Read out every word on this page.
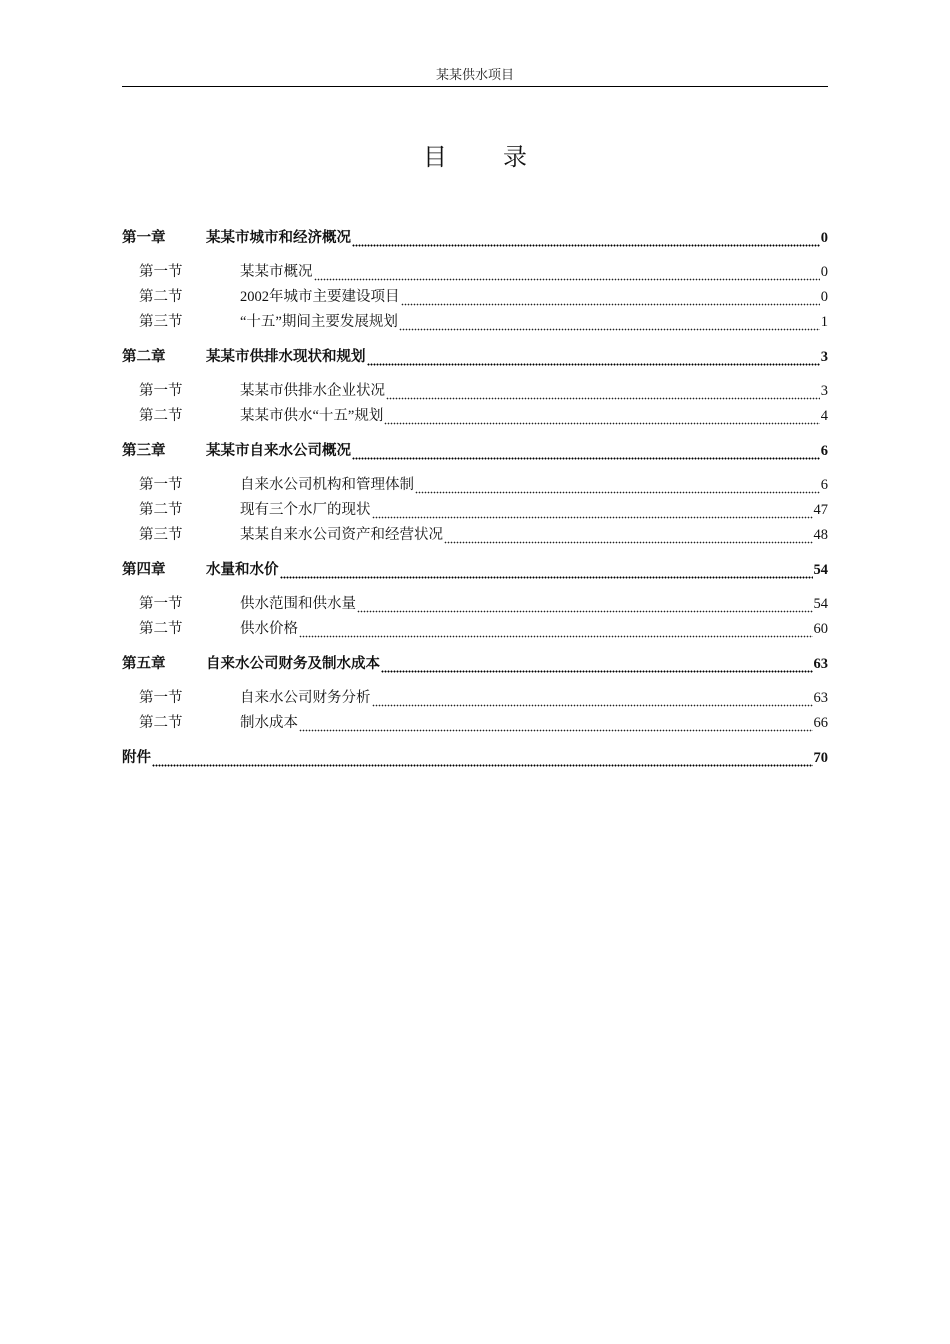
某某供水项目
目录
第一章	某某市城市和经济概况	0
第一节	某某市概况	0
第二节	2002年城市主要建设项目	0
第三节	“十五”期间主要发展规划	1
第二章	某某市供排水现状和规划	3
第一节	某某市供排水企业状况	3
第二节	某某市供水“十五”规划	4
第三章	某某市自来水公司概况	6
第一节	自来水公司机构和管理体制	6
第二节	现有三个水厂的现状	47
第三节	某某自来水公司资产和经营状况	48
第四章	水量和水价	54
第一节	供水范围和供水量	54
第二节	供水价格	60
第五章	自来水公司财务及制水成本	63
第一节	自来水公司财务分析	63
第二节	制水成本	66
附件	70
